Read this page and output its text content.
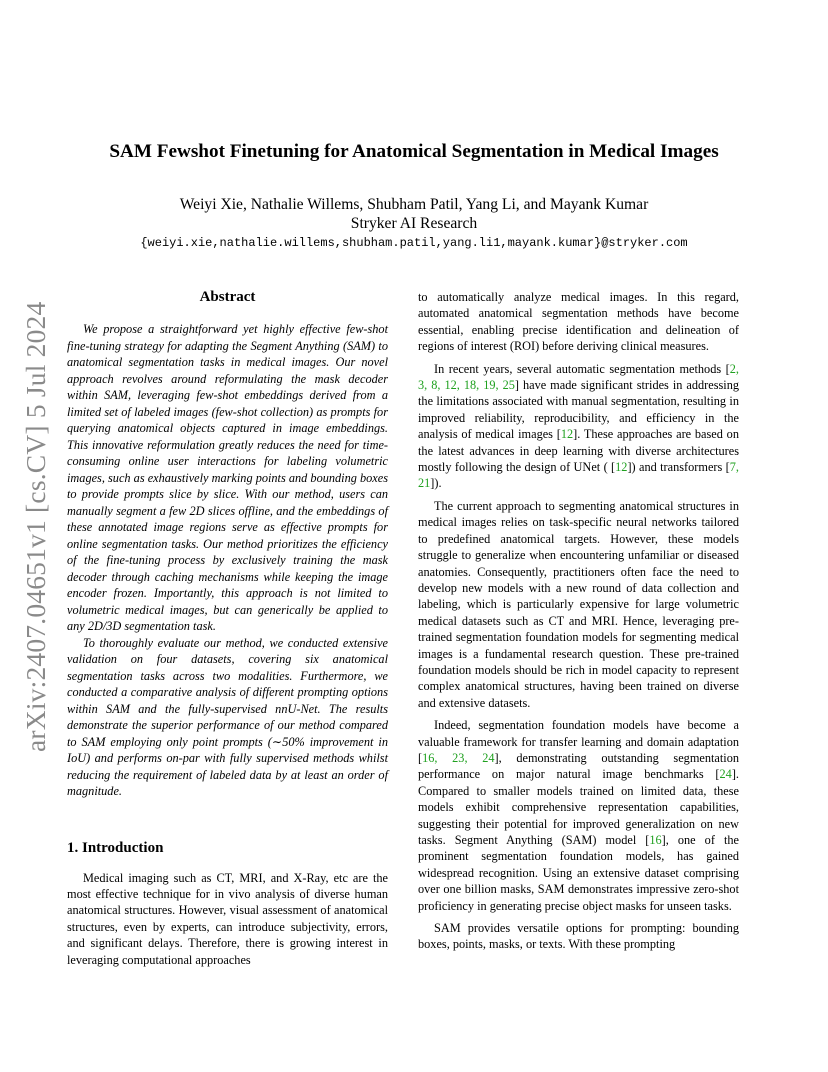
arXiv:2407.04651v1 [cs.CV] 5 Jul 2024
SAM Fewshot Finetuning for Anatomical Segmentation in Medical Images
Weiyi Xie, Nathalie Willems, Shubham Patil, Yang Li, and Mayank Kumar
Stryker AI Research
{weiyi.xie,nathalie.willems,shubham.patil,yang.li1,mayank.kumar}@stryker.com
Abstract

We propose a straightforward yet highly effective few-shot fine-tuning strategy for adapting the Segment Anything (SAM) to anatomical segmentation tasks in medical images. Our novel approach revolves around reformulating the mask decoder within SAM, leveraging few-shot embeddings derived from a limited set of labeled images (few-shot collection) as prompts for querying anatomical objects captured in image embeddings. This innovative reformulation greatly reduces the need for time-consuming online user interactions for labeling volumetric images, such as exhaustively marking points and bounding boxes to provide prompts slice by slice. With our method, users can manually segment a few 2D slices offline, and the embeddings of these annotated image regions serve as effective prompts for online segmentation tasks. Our method prioritizes the efficiency of the fine-tuning process by exclusively training the mask decoder through caching mechanisms while keeping the image encoder frozen. Importantly, this approach is not limited to volumetric medical images, but can generically be applied to any 2D/3D segmentation task.

To thoroughly evaluate our method, we conducted extensive validation on four datasets, covering six anatomical segmentation tasks across two modalities. Furthermore, we conducted a comparative analysis of different prompting options within SAM and the fully-supervised nnU-Net. The results demonstrate the superior performance of our method compared to SAM employing only point prompts (∼50% improvement in IoU) and performs on-par with fully supervised methods whilst reducing the requirement of labeled data by at least an order of magnitude.

1. Introduction

Medical imaging such as CT, MRI, and X-Ray, etc are the most effective technique for in vivo analysis of diverse human anatomical structures. However, visual assessment of anatomical structures, even by experts, can introduce subjectivity, errors, and significant delays. Therefore, there is growing interest in leveraging computational approaches

to automatically analyze medical images. In this regard, automated anatomical segmentation methods have become essential, enabling precise identification and delineation of regions of interest (ROI) before deriving clinical measures.

In recent years, several automatic segmentation methods [2, 3, 8, 12, 18, 19, 25] have made significant strides in addressing the limitations associated with manual segmentation, resulting in improved reliability, reproducibility, and efficiency in the analysis of medical images [12]. These approaches are based on the latest advances in deep learning with diverse architectures mostly following the design of UNet ( [12]) and transformers [7, 21]).

The current approach to segmenting anatomical structures in medical images relies on task-specific neural networks tailored to predefined anatomical targets. However, these models struggle to generalize when encountering unfamiliar or diseased anatomies. Consequently, practitioners often face the need to develop new models with a new round of data collection and labeling, which is particularly expensive for large volumetric medical datasets such as CT and MRI. Hence, leveraging pre-trained segmentation foundation models for segmenting medical images is a fundamental research question. These pre-trained foundation models should be rich in model capacity to represent complex anatomical structures, having been trained on diverse and extensive datasets.

Indeed, segmentation foundation models have become a valuable framework for transfer learning and domain adaptation [16, 23, 24], demonstrating outstanding segmentation performance on major natural image benchmarks [24]. Compared to smaller models trained on limited data, these models exhibit comprehensive representation capabilities, suggesting their potential for improved generalization on new tasks. Segment Anything (SAM) model [16], one of the prominent segmentation foundation models, has gained widespread recognition. Using an extensive dataset comprising over one billion masks, SAM demonstrates impressive zero-shot proficiency in generating precise object masks for unseen tasks.

SAM provides versatile options for prompting: bounding boxes, points, masks, or texts. With these prompting
